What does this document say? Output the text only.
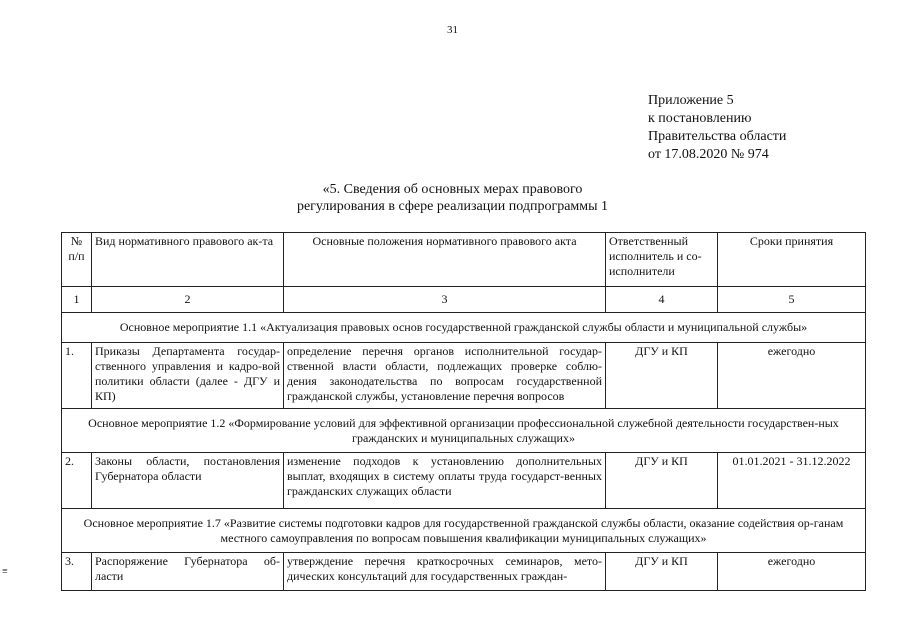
31
Приложение 5
к постановлению
Правительства области
от 17.08.2020 № 974
«5. Сведения об основных мерах правового
регулирования в сфере реализации подпрограммы 1
№ п/п	Вид нормативного правового ак-та	Основные положения нормативного правового акта	Ответственный исполнитель и со-исполнители	Сроки принятия
1	2	3	4	5
Основное мероприятие 1.1 «Актуализация правовых основ государственной гражданской службы области и муниципальной службы»				
1.	Приказы Департамента государ-ственного управления и кадро-вой политики области (далее - ДГУ и КП)	определение перечня органов исполнительной государ-ственной власти области, подлежащих проверке соблю-дения законодательства по вопросам государственной гражданской службы, установление перечня вопросов	ДГУ и КП	ежегодно
Основное мероприятие 1.2 «Формирование условий для эффективной организации профессиональной служебной деятельности государствен-ных гражданских и муниципальных служащих»				
2.	Законы области, постановления Губернатора области	изменение подходов к установлению дополнительных выплат, входящих в систему оплаты труда государст-венных гражданских служащих области	ДГУ и КП	01.01.2021 - 31.12.2022
Основное мероприятие 1.7 «Развитие системы подготовки кадров для государственной гражданской службы области, оказание содействия ор-ганам местного самоуправления по вопросам повышения квалификации муниципальных служащих»				
3.	Распоряжение Губернатора об-ласти	утверждение перечня краткосрочных семинаров, мето-дических консультаций для государственных граждан-	ДГУ и КП	ежегодно
≡
